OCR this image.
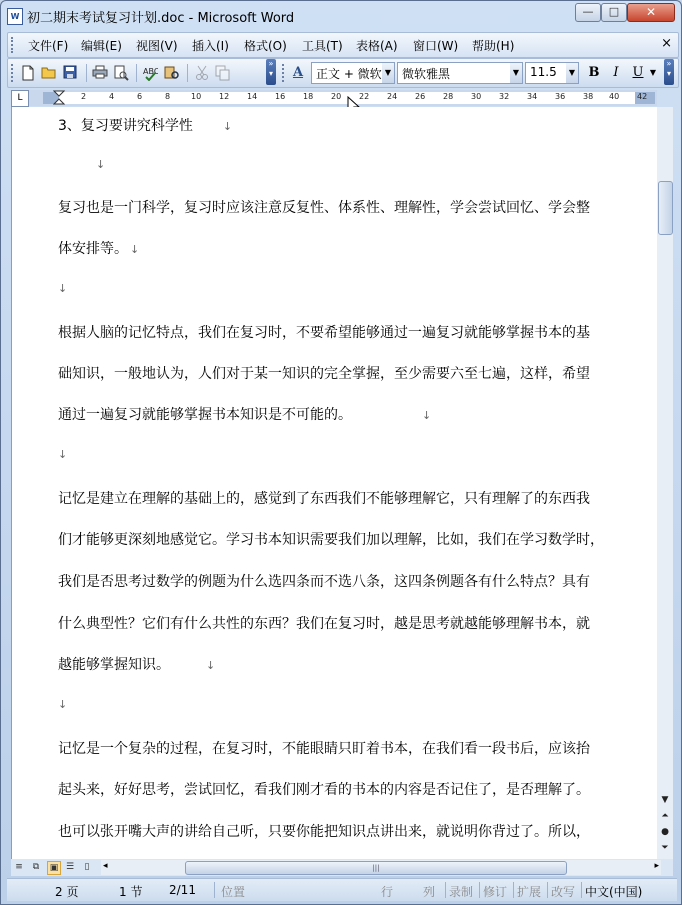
W 初二期末考试复习计划.doc - Microsoft Word	—	□	✕
文件(F) 编辑(E) 视图(V) 插入(I) 格式(O) 工具(T) 表格(A) 窗口(W) 帮助(H)	×
ABC
»
▾ A 正文 + 微软 ▼ 微软雅黑	▼ 11.5	▼ B	I	U ▼
»
▾
L	2	4	6	8	10 12 14 16 18 20 22 24 26 28 30 32 34 36 38 40 42
3、复习要讲究科学性	↓
↓
复习也是一门科学，复习时应该注意反复性、体系性、理解性，学会尝试回忆、学会整
体安排等。 ↓
↓
根据人脑的记忆特点，我们在复习时，不要希望能够通过一遍复习就能够掌握书本的基
础知识，一般地认为，人们对于某一知识的完全掌握，至少需要六至七遍，这样，希望
通过一遍复习就能够掌握书本知识是不可能的。	↓
↓
记忆是建立在理解的基础上的，感觉到了东西我们不能够理解它，只有理解了的东西我
们才能够更深刻地感觉它。学习书本知识需要我们加以理解，比如，我们在学习数学时，
我们是否思考过数学的例题为什么选四条而不选八条，这四条例题各有什么特点？具有
什么典型性？它们有什么共性的东西？我们在复习时，越是思考就越能够理解书本，就
越能够掌握知识。	↓
↓
记忆是一个复杂的过程，在复习时，不能眼睛只盯着书本，在我们看一段书后，应该抬
起头来，好好思考，尝试回忆，看我们刚才看的书本的内容是否记住了，是否理解了。
也可以张开嘴大声的讲给自己听，只要你能把知识点讲出来，就说明你背过了。所以，
▼
⏶
●
⏷
≡	⧉	▣ ☰	▯	◂	|||	▸
2 页	1 节 2/11 位置	行 列 录制 修订 扩展 改写 中文(中国)
